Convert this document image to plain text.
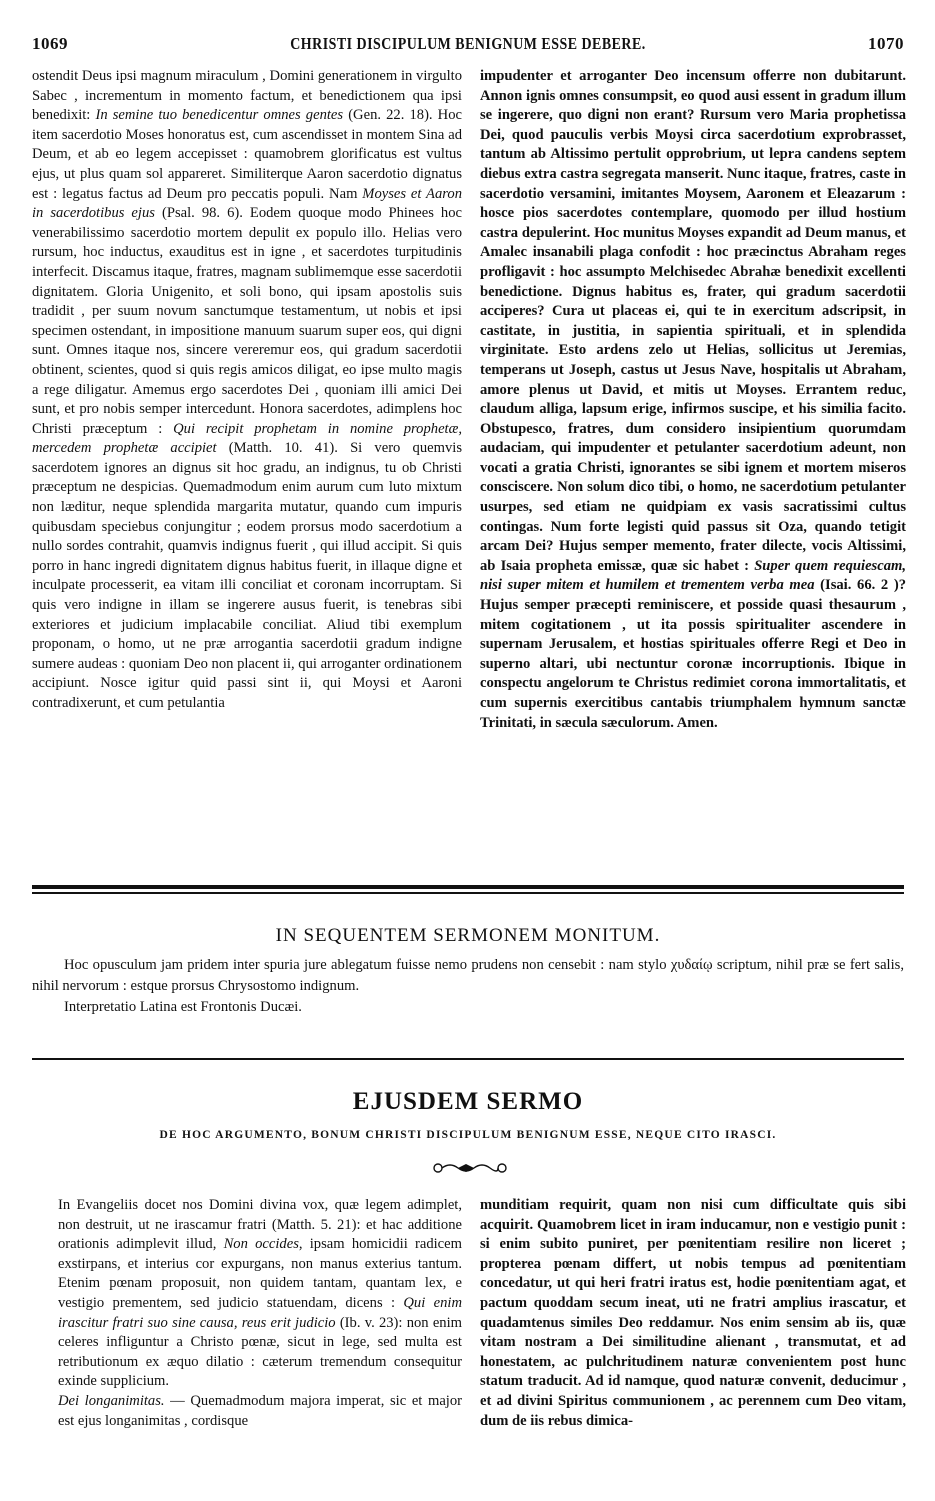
1069	CHRISTI DISCIPULUM BENIGNUM ESSE DEBERE.	1070

ostendit Deus ipsi magnum miraculum , Domini generationem in virgulto Sabec , incrementum in momento factum, et benedictionem qua ipsi benedixit: In semine tuo benedicentur omnes gentes (Gen. 22. 18). Hoc item sacerdotio Moses honoratus est, cum ascendisset in montem Sina ad Deum, et ab eo legem accepisset : quamobrem glorificatus est vultus ejus, ut plus quam sol appareret. Similiterque Aaron sacerdotio dignatus est : legatus factus ad Deum pro peccatis populi. Nam Moyses et Aaron in sacerdotibus ejus (Psal. 98. 6). Eodem quoque modo Phinees hoc venerabilissimo sacerdotio mortem depulit ex populo illo. Helias vero rursum, hoc inductus, exauditus est in igne , et sacerdotes turpitudinis interfecit. Discamus itaque, fratres, magnam sublimemque esse sacerdotii dignitatem. Gloria Unigenito, et soli bono, qui ipsam apostolis suis tradidit , per suum novum sanctumque testamentum, ut nobis et ipsi specimen ostendant, in impositione manuum suarum super eos, qui digni sunt. Omnes itaque nos, sincere vereremur eos, qui gradum sacerdotii obtinent, scientes, quod si quis regis amicos diligat, eo ipse multo magis a rege diligatur. Amemus ergo sacerdotes Dei , quoniam illi amici Dei sunt, et pro nobis semper intercedunt. Honora sacerdotes, adimplens hoc Christi præceptum : Qui recipit prophetam in nomine prophetæ, mercedem prophetæ accipiet (Matth. 10. 41). Si vero quemvis sacerdotem ignores an dignus sit hoc gradu, an indignus, tu ob Christi præceptum ne despicias. Quemadmodum enim aurum cum luto mixtum non læditur, neque splendida margarita mutatur, quando cum impuris quibusdam speciebus conjungitur ; eodem prorsus modo sacerdotium a nullo sordes contrahit, quamvis indignus fuerit , qui illud accipit. Si quis porro in hanc ingredi dignitatem dignus habitus fuerit, in illaque digne et inculpate processerit, ea vitam illi conciliat et coronam incorruptam. Si quis vero indigne in illam se ingerere ausus fuerit, is tenebras sibi exteriores et judicium implacabile conciliat. Aliud tibi exemplum proponam, o homo, ut ne præ arrogantia sacerdotii gradum indigne sumere audeas : quoniam Deo non placent ii, qui arroganter ordinationem accipiunt. Nosce igitur quid passi sint ii, qui Moysi et Aaroni contradixerunt, et cum petulantia

impudenter et arroganter Deo incensum offerre non dubitarunt. Annon ignis omnes consumpsit, eo quod ausi essent in gradum illum se ingerere, quo digni non erant? Rursum vero Maria prophetissa Dei, quod pauculis verbis Moysi circa sacerdotium exprobrasset, tantum ab Altissimo pertulit opprobrium, ut lepra candens septem diebus extra castra segregata manserit. Nunc itaque, fratres, caste in sacerdotio versamini, imitantes Moysem, Aaronem et Eleazarum : hosce pios sacerdotes contemplare, quomodo per illud hostium castra depulerint. Hoc munitus Moyses expandit ad Deum manus, et Amalec insanabili plaga confodit : hoc præcinctus Abraham reges profligavit : hoc assumpto Melchisedec Abrahæ benedixit excellenti benedictione. Dignus habitus es, frater, qui gradum sacerdotii acciperes? Cura ut placeas ei, qui te in exercitum adscripsit, in castitate, in justitia, in sapientia spirituali, et in splendida virginitate. Esto ardens zelo ut Helias, sollicitus ut Jeremias, temperans ut Joseph, castus ut Jesus Nave, hospitalis ut Abraham, amore plenus ut David, et mitis ut Moyses. Errantem reduc, claudum alliga, lapsum erige, infirmos suscipe, et his similia facito. Obstupesco, fratres, dum considero insipientium quorumdam audaciam, qui impudenter et petulanter sacerdotium adeunt, non vocati a gratia Christi, ignorantes se sibi ignem et mortem miseros consciscere. Non solum dico tibi, o homo, ne sacerdotium petulanter usurpes, sed etiam ne quidpiam ex vasis sacratissimi cultus contingas. Num forte legisti quid passus sit Oza, quando tetigit arcam Dei? Hujus semper memento, frater dilecte, vocis Altissimi, ab Isaia propheta emissæ, quæ sic habet : Super quem requiescam, nisi super mitem et humilem et trementem verba mea (Isai. 66. 2 )? Hujus semper præcepti reminiscere, et posside quasi thesaurum , mitem cogitationem , ut ita possis spiritualiter ascendere in supernam Jerusalem, et hostias spirituales offerre Regi et Deo in superno altari, ubi nectuntur coronæ incorruptionis. Ibique in conspectu angelorum te Christus redimiet corona immortalitatis, et cum supernis exercitibus cantabis triumphalem hymnum sanctæ Trinitati, in sæcula sæculorum. Amen.

IN SEQUENTEM SERMONEM MONITUM.

Hoc opusculum jam pridem inter spuria jure ablegatum fuisse nemo prudens non censebit : nam stylo χυδαίῳ scriptum, nihil præ se fert salis, nihil nervorum : estque prorsus Chrysostomo indignum.

Interpretatio Latina est Frontonis Ducæi.

EJUSDEM SERMO
DE HOC ARGUMENTO, BONUM CHRISTI DISCIPULUM BENIGNUM ESSE, NEQUE CITO IRASCI.

In Evangeliis docet nos Domini divina vox, quæ legem adimplet, non destruit, ut ne irascamur fratri (Matth. 5. 21): et hac additione orationis adimplevit illud, Non occides, ipsam homicidii radicem exstirpans, et interius cor expurgans, non manus exterius tantum. Etenim pœnam proposuit, non quidem tantam, quantam lex, e vestigio prementem, sed judicio statuendam, dicens : Qui enim irascitur fratri suo sine causa, reus erit judicio (Ib. v. 23): non enim celeres infliguntur a Christo pœnæ, sicut in lege, sed multa est retributionum ex æquo dilatio : cæterum tremendum consequitur exinde supplicium.

Dei longanimitas. — Quemadmodum majora imperat, sic et major est ejus longanimitas , cordisque

munditiam requirit, quam non nisi cum difficultate quis sibi acquirit. Quamobrem licet in iram inducamur, non e vestigio punit : si enim subito puniret, per pœnitentiam resilire non liceret ; propterea pœnam differt, ut nobis tempus ad pœnitentiam concedatur, ut qui heri fratri iratus est, hodie pœnitentiam agat, et pactum quoddam secum ineat, uti ne fratri amplius irascatur, et quadamtenus similes Deo reddamur. Nos enim sensim ab iis, quæ vitam nostram a Dei similitudine alienant , transmutat, et ad honestatem, ac pulchritudinem naturæ convenientem post hunc statum traducit. Ad id namque, quod naturæ convenit, deducimur , et ad divini Spiritus communionem , ac perennem cum Deo vitam, dum de iis rebus dimica-
